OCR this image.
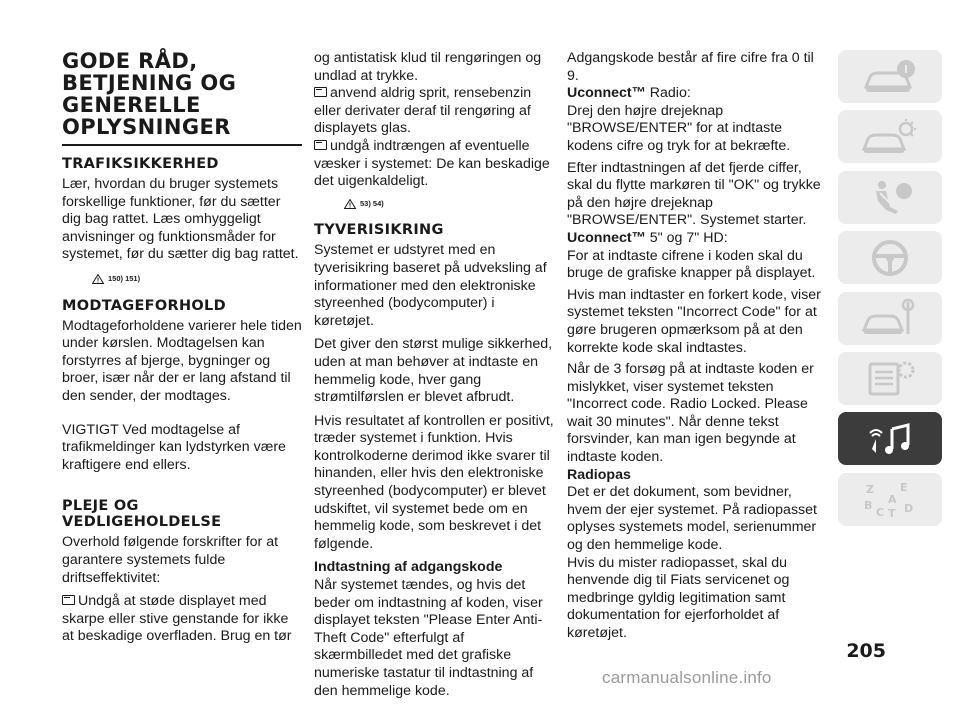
GODE RÅD,
BETJENING OG
GENERELLE
OPLYSNINGER
TRAFIKSIKKERHED

Lær, hvordan du bruger systemets forskellige funktioner, før du sætter dig bag rattet. Læs omhyggeligt anvisninger og funktionsmåder for systemet, før du sætter dig bag rattet.

150) 151)
MODTAGEFORHOLD

Modtageforholdene varierer hele tiden under kørslen. Modtagelsen kan forstyrres af bjerge, bygninger og broer, især når der er lang afstand til den sender, der modtages.

VIGTIGT Ved modtagelse af trafikmeldinger kan lydstyrken være kraftigere end ellers.

PLEJE OG
VEDLIGEHOLDELSE

Overhold følgende forskrifter for at garantere systemets fulde driftseffektivitet:

Undgå at støde displayet med skarpe eller stive genstande for ikke at beskadige overfladen. Brug en tør

og antistatisk klud til rengøringen og undlad at trykke.

anvend aldrig sprit, rensebenzin eller derivater deraf til rengøring af displayets glas.

undgå indtrængen af eventuelle væsker i systemet: De kan beskadige det uigenkaldeligt.

53) 54)
TYVERISIKRING

Systemet er udstyret med en tyverisikring baseret på udveksling af informationer med den elektroniske styreenhed (bodycomputer) i køretøjet.

Det giver den størst mulige sikkerhed, uden at man behøver at indtaste en hemmelig kode, hver gang strømtilførslen er blevet afbrudt.

Hvis resultatet af kontrollen er positivt, træder systemet i funktion. Hvis kontrolkoderne derimod ikke svarer til hinanden, eller hvis den elektroniske styreenhed (bodycomputer) er blevet udskiftet, vil systemet bede om en hemmelig kode, som beskrevet i det følgende.

Indtastning af adgangskode

Når systemet tændes, og hvis det beder om indtastning af koden, viser displayet teksten "Please Enter Anti-Theft Code" efterfulgt af skærmbilledet med det grafiske numeriske tastatur til indtastning af den hemmelige kode.

Adgangskode består af fire cifre fra 0 til 9.

Uconnect™ Radio:

Drej den højre drejeknap "BROWSE/ENTER" for at indtaste kodens cifre og tryk for at bekræfte.

Efter indtastningen af det fjerde ciffer, skal du flytte markøren til "OK" og trykke på den højre drejeknap "BROWSE/ENTER". Systemet starter.

Uconnect™ 5" og 7" HD:

For at indtaste cifrene i koden skal du bruge de grafiske knapper på displayet.

Hvis man indtaster en forkert kode, viser systemet teksten "Incorrect Code" for at gøre brugeren opmærksom på at den korrekte kode skal indtastes.

Når de 3 forsøg på at indtaste koden er mislykket, viser systemet teksten "Incorrect code. Radio Locked. Please wait 30 minutes". Når denne tekst forsvinder, kan man igen begynde at indtaste koden.

Radiopas

Det er det dokument, som bevidner, hvem der ejer systemet. På radiopasset oplyses systemets model, serienummer og den hemmelige kode.

Hvis du mister radiopasset, skal du henvende dig til Fiats servicenet og medbringe gyldig legitimation samt dokumentation for ejerforholdet af køretøjet.

Z E
A
B
C T D
205
carmanualsonline.info
